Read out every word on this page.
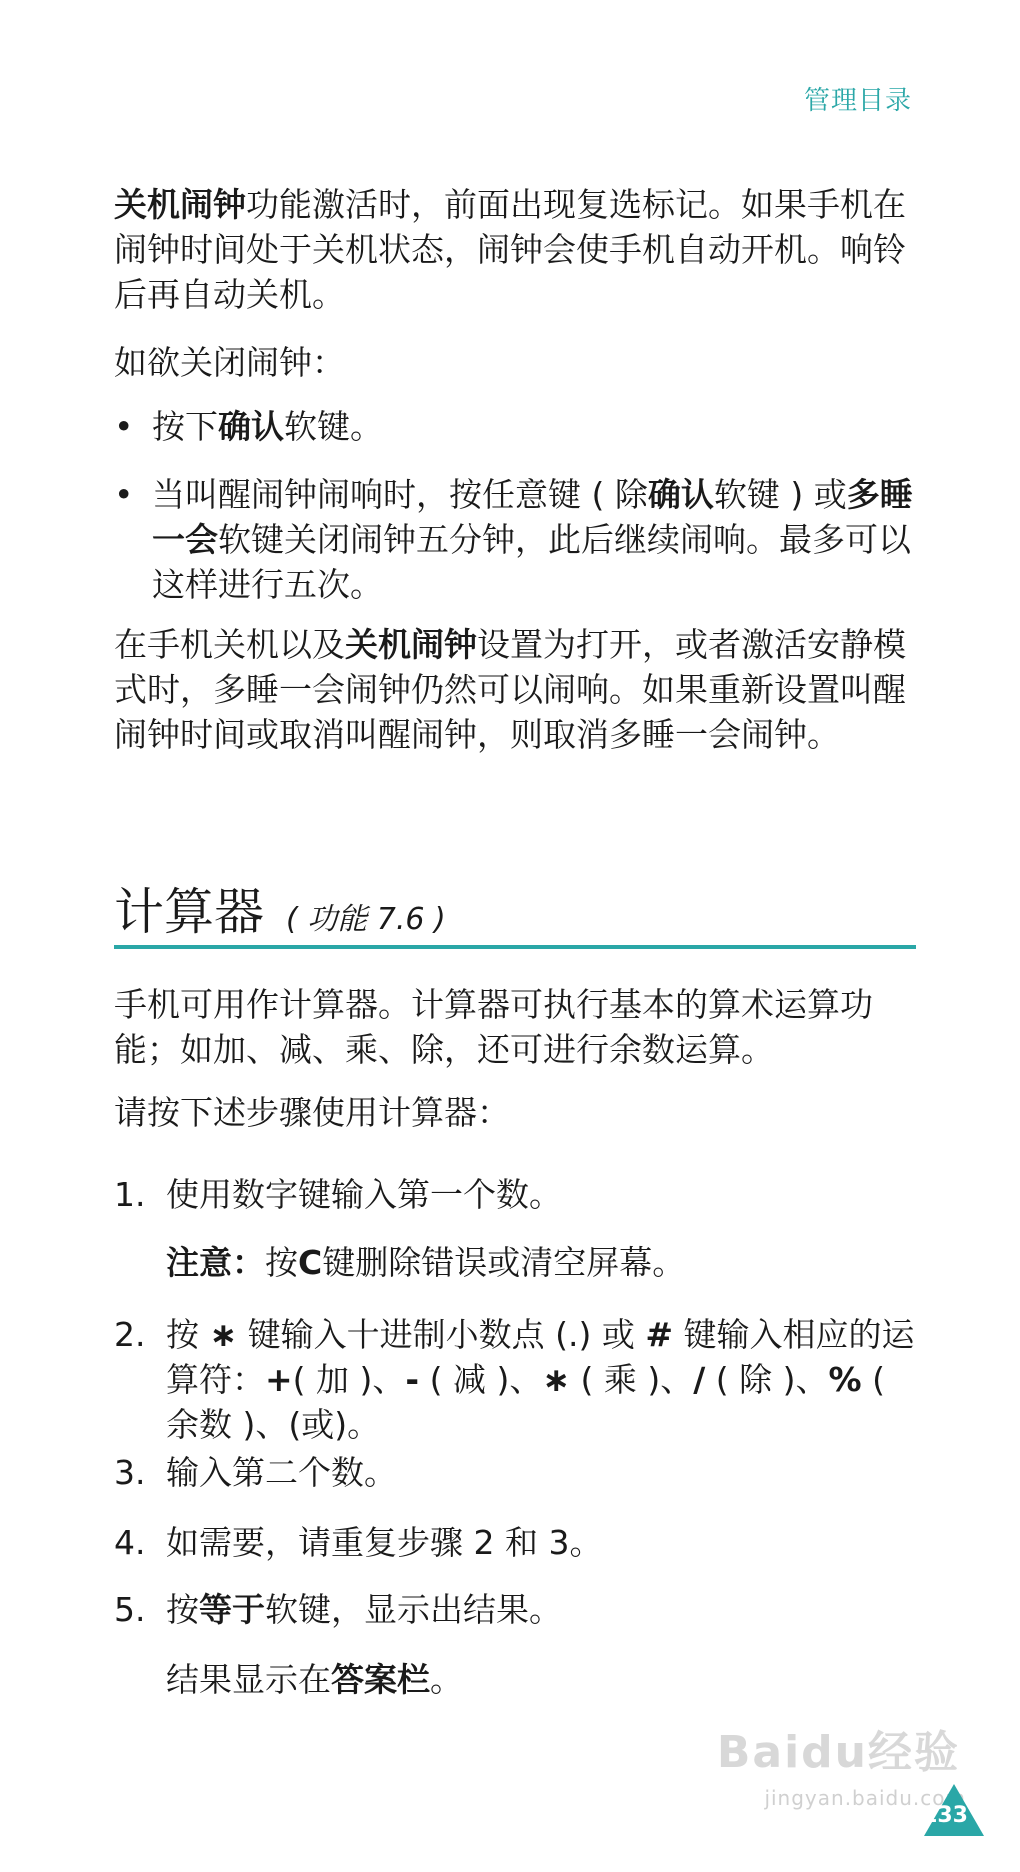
管理目录

关机闹钟功能激活时，前面出现复选标记。如果手机在闹钟时间处于关机状态，闹钟会使手机自动开机。响铃后再自动关机。

如欲关闭闹钟：

• 按下确认软键。
• 当叫醒闹钟闹响时，按任意键 ( 除确认软键 ) 或多睡一会软键关闭闹钟五分钟，此后继续闹响。最多可以这样进行五次。

在手机关机以及关机闹钟设置为打开，或者激活安静模式时，多睡一会闹钟仍然可以闹响。如果重新设置叫醒闹钟时间或取消叫醒闹钟，则取消多睡一会闹钟。

计算器 ( 功能 7.6 )

手机可用作计算器。计算器可执行基本的算术运算功能；如加、减、乘、除，还可进行余数运算。

请按下述步骤使用计算器：

1. 使用数字键输入第一个数。
注意：按C键删除错误或清空屏幕。
2. 按 ∗ 键输入十进制小数点 (.) 或 # 键输入相应的运算符：+( 加 )、- ( 减 )、∗ ( 乘 )、/ ( 除 )、% ( 余数 )、(或)。
3. 输入第二个数。
4. 如需要，请重复步骤 2 和 3。
5. 按等于软键，显示出结果。
结果显示在答案栏。
Baidu经验
jingyan.baidu.com
133
